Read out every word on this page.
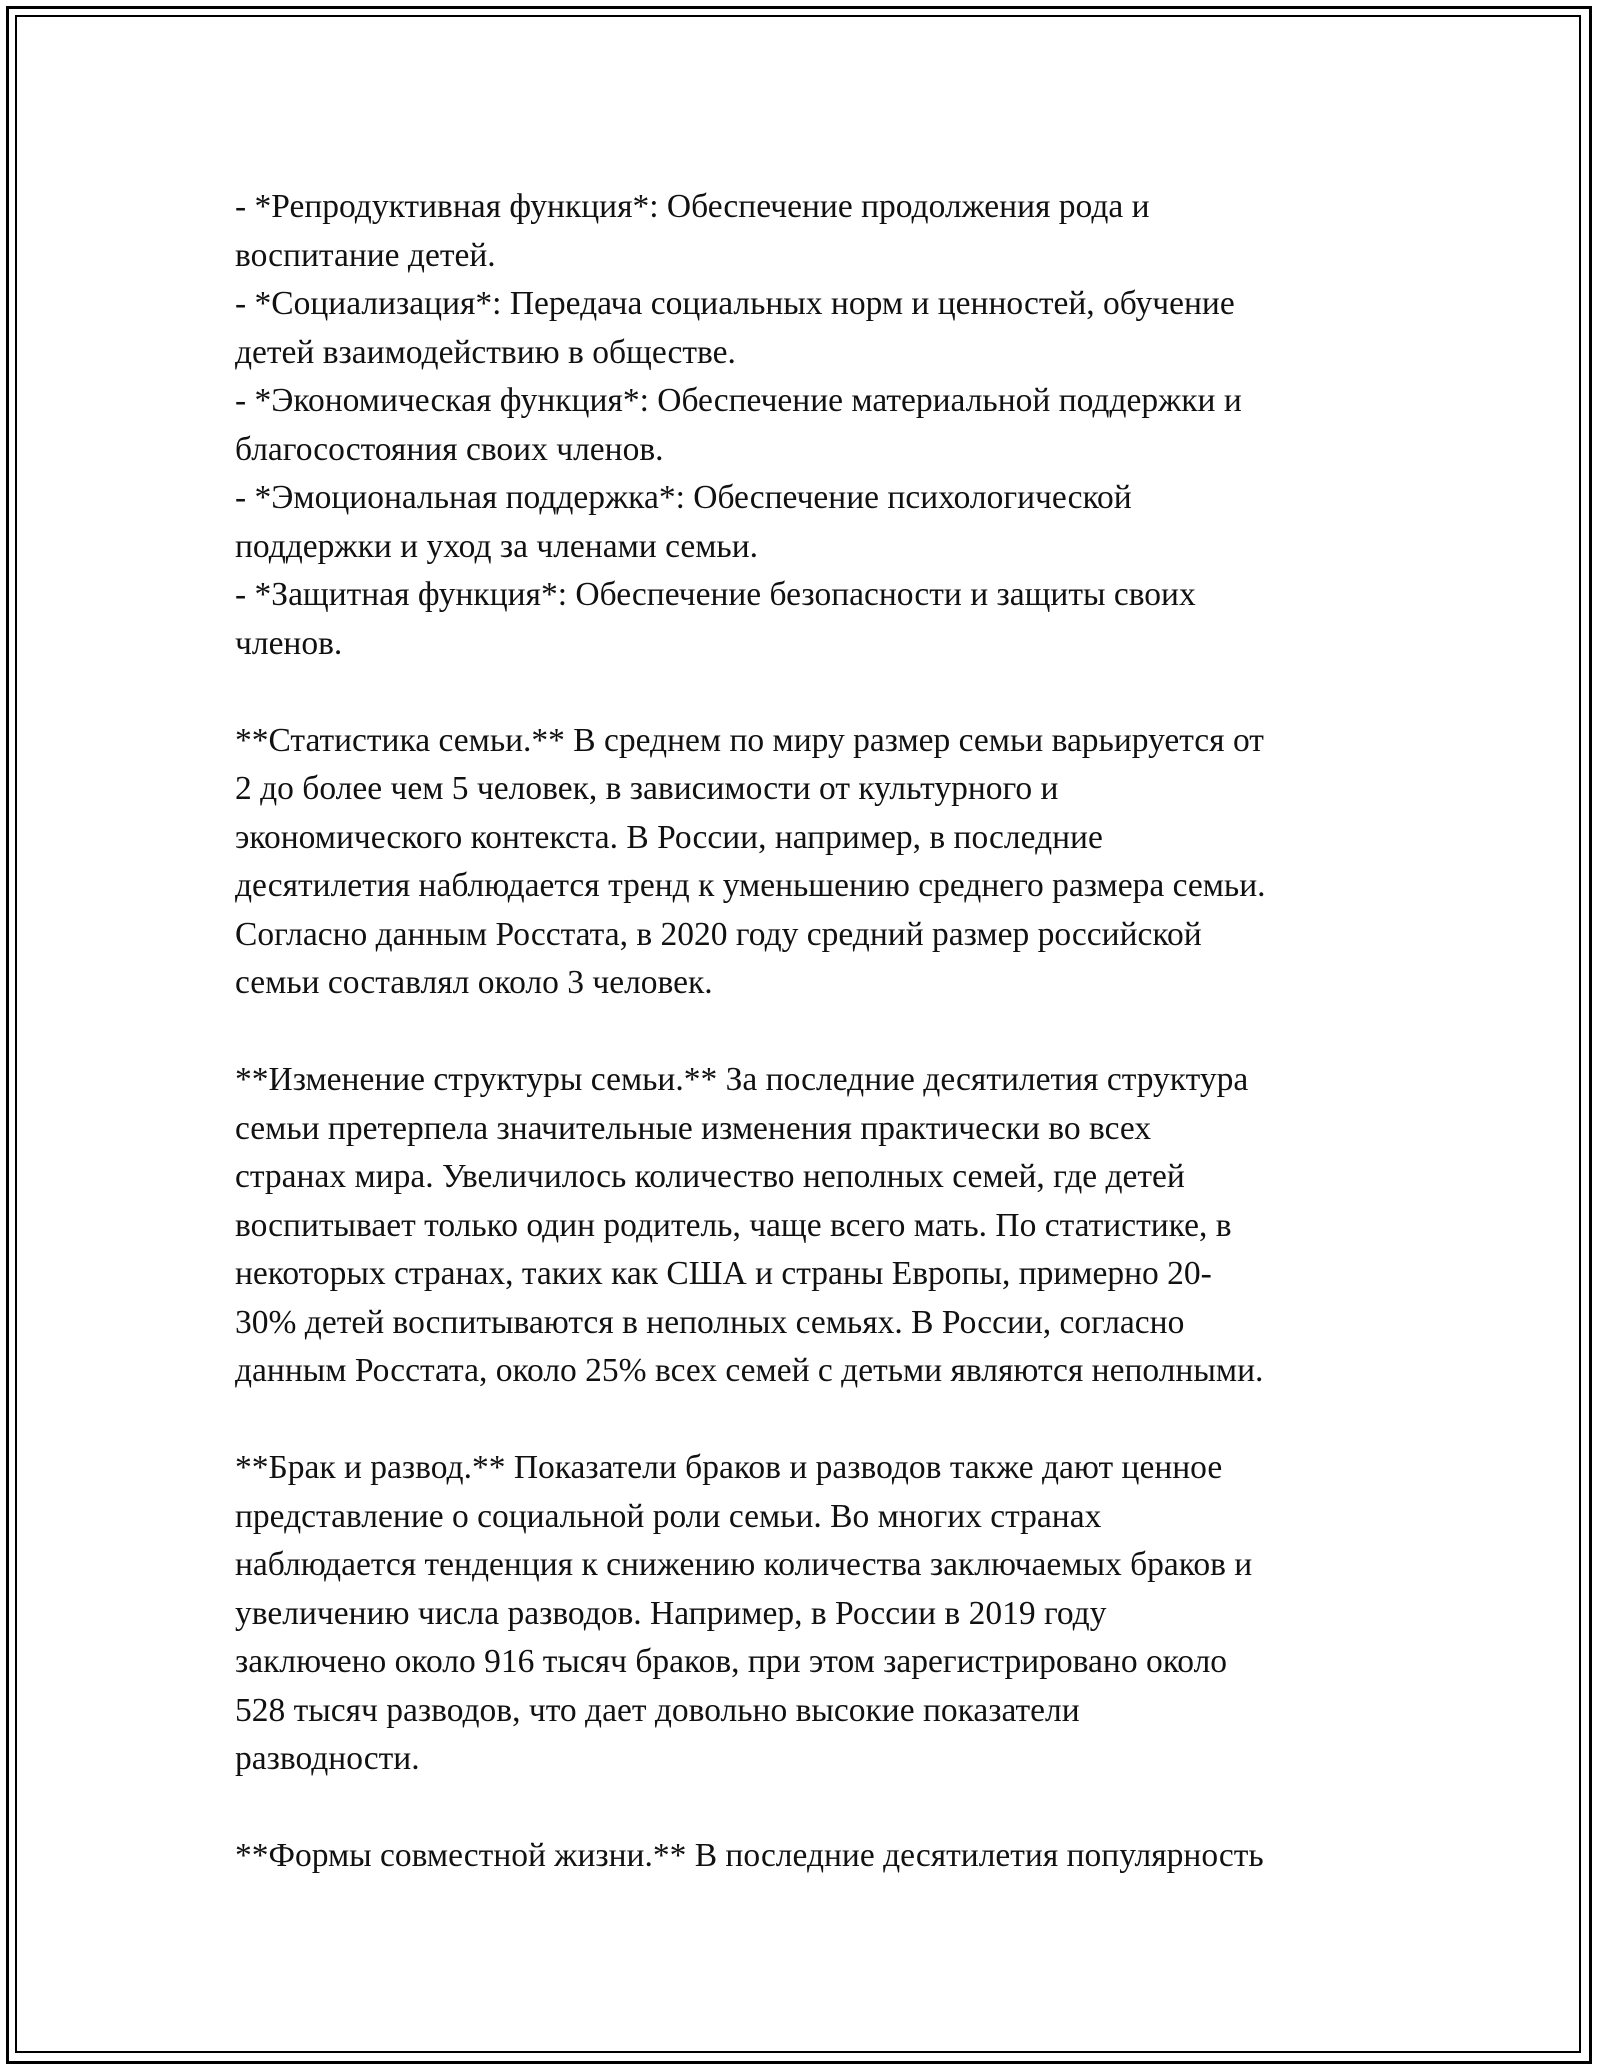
- *Репродуктивная функция*: Обеспечение продолжения рода и
воспитание детей.
- *Социализация*: Передача социальных норм и ценностей, обучение
детей взаимодействию в обществе.
- *Экономическая функция*: Обеспечение материальной поддержки и
благосостояния своих членов.
- *Эмоциональная поддержка*: Обеспечение психологической
поддержки и уход за членами семьи.
- *Защитная функция*: Обеспечение безопасности и защиты своих
членов.

**Статистика семьи.** В среднем по миру размер семьи варьируется от
2 до более чем 5 человек, в зависимости от культурного и
экономического контекста. В России, например, в последние
десятилетия наблюдается тренд к уменьшению среднего размера семьи.
Согласно данным Росстата, в 2020 году средний размер российской
семьи составлял около 3 человек.

**Изменение структуры семьи.** За последние десятилетия структура
семьи претерпела значительные изменения практически во всех
странах мира. Увеличилось количество неполных семей, где детей
воспитывает только один родитель, чаще всего мать. По статистике, в
некоторых странах, таких как США и страны Европы, примерно 20-
30% детей воспитываются в неполных семьях. В России, согласно
данным Росстата, около 25% всех семей с детьми являются неполными.

**Брак и развод.** Показатели браков и разводов также дают ценное
представление о социальной роли семьи. Во многих странах
наблюдается тенденция к снижению количества заключаемых браков и
увеличению числа разводов. Например, в России в 2019 году
заключено около 916 тысяч браков, при этом зарегистрировано около
528 тысяч разводов, что дает довольно высокие показатели
разводности.

**Формы совместной жизни.** В последние десятилетия популярность
